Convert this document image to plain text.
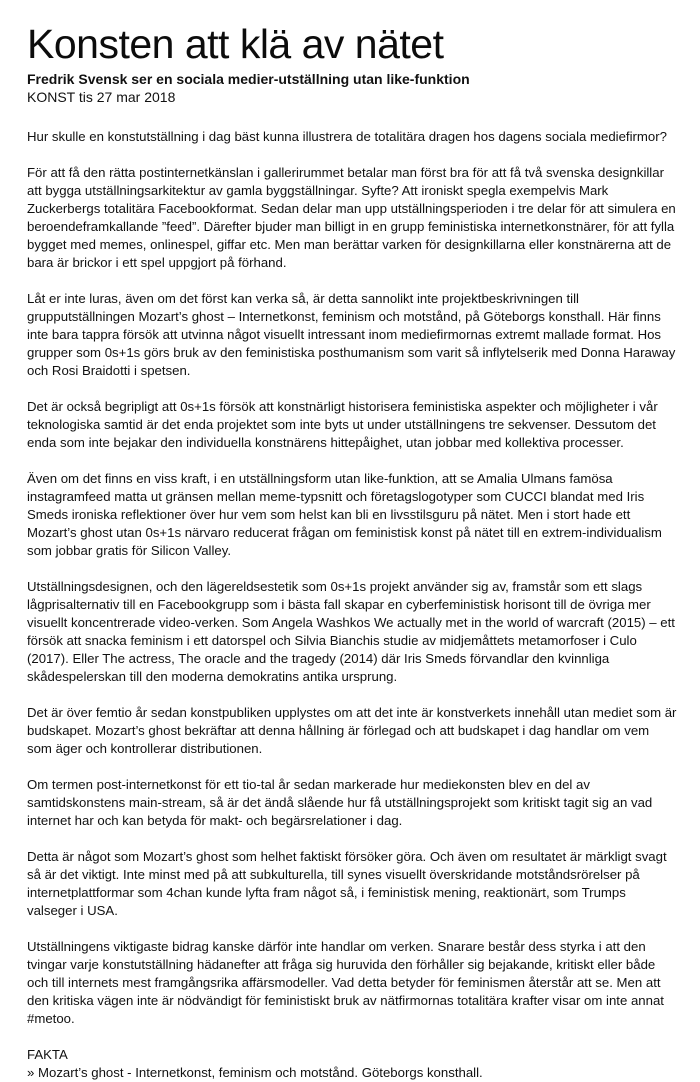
Konsten att klä av nätet

Fredrik Svensk ser en sociala medier-utställning utan like-funktion

KONST tis 27 mar 2018

Hur skulle en konstutställning i dag bäst kunna illustrera de totalitära dragen hos dagens sociala mediefirmor?

För att få den rätta postinternetkänslan i gallerirummet betalar man först bra för att få två svenska designkillar att bygga utställningsarkitektur av gamla byggställningar. Syfte? Att ironiskt spegla exempelvis Mark Zuckerbergs totalitära Facebookformat. Sedan delar man upp utställningsperioden i tre delar för att simulera en beroendeframkallande ”feed”. Därefter bjuder man billigt in en grupp feministiska internetkonstnärer, för att fylla bygget med memes, onlinespel, giffar etc. Men man berättar varken för designkillarna eller konstnärerna att de bara är brickor i ett spel uppgjort på förhand.

Låt er inte luras, även om det först kan verka så, är detta sannolikt inte projektbeskrivningen till grupputställningen Mozart’s ghost – Internetkonst, feminism och motstånd, på Göteborgs konsthall. Här finns inte bara tappra försök att utvinna något visuellt intressant inom mediefirmornas extremt mallade format. Hos grupper som 0s+1s görs bruk av den feministiska posthumanism som varit så inflytelserik med Donna Haraway och Rosi Braidotti i spetsen.

Det är också begripligt att 0s+1s försök att konstnärligt historisera feministiska aspekter och möjligheter i vår teknologiska samtid är det enda projektet som inte byts ut under utställningens tre sekvenser. Dessutom det enda som inte bejakar den individuella konstnärens hittepåighet, utan jobbar med kollektiva processer.

Även om det finns en viss kraft, i en utställningsform utan like-funktion, att se Amalia Ulmans famösa instagramfeed matta ut gränsen mellan meme-typsnitt och företagslogotyper som CUCCI blandat med Iris Smeds ironiska reflektioner över hur vem som helst kan bli en livsstilsguru på nätet. Men i stort hade ett Mozart’s ghost utan 0s+1s närvaro reducerat frågan om feministisk konst på nätet till en extrem-individualism som jobbar gratis för Silicon Valley.

Utställningsdesignen, och den lägereldsestetik som 0s+1s projekt använder sig av, framstår som ett slags lågprisalternativ till en Facebookgrupp som i bästa fall skapar en cyberfeministisk horisont till de övriga mer visuellt koncentrerade video-verken. Som Angela Washkos We actually met in the world of warcraft (2015) – ett försök att snacka feminism i ett datorspel och Silvia Bianchis studie av midjemåttets metamorfoser i Culo (2017). Eller The actress, The oracle and the tragedy (2014) där Iris Smeds förvandlar den kvinnliga skådespelerskan till den moderna demokratins antika ursprung.

Det är över femtio år sedan konstpubliken upplystes om att det inte är konstverkets innehåll utan mediet som är budskapet. Mozart’s ghost bekräftar att denna hållning är förlegad och att budskapet i dag handlar om vem som äger och kontrollerar distributionen.

Om termen post-internetkonst för ett tio-tal år sedan markerade hur mediekonsten blev en del av samtidskonstens main-stream, så är det ändå slående hur få utställningsprojekt som kritiskt tagit sig an vad internet har och kan betyda för makt- och begärsrelationer i dag.

Detta är något som Mozart’s ghost som helhet faktiskt försöker göra. Och även om resultatet är märkligt svagt så är det viktigt. Inte minst med på att subkulturella, till synes visuellt överskridande motståndsrörelser på internetplattformar som 4chan kunde lyfta fram något så, i feministisk mening, reaktionärt, som Trumps valseger i USA.

Utställningens viktigaste bidrag kanske därför inte handlar om verken. Snarare består dess styrka i att den tvingar varje konstutställning hädanefter att fråga sig huruvida den förhåller sig bejakande, kritiskt eller både och till internets mest framgångsrika affärsmodeller. Vad detta betyder för feminismen återstår att se. Men att den kritiska vägen inte är nödvändigt för feministiskt bruk av nätfirmornas totalitära krafter visar om inte annat #metoo.

FAKTA

» Mozart’s ghost - Internetkonst, feminism och motstånd. Göteborgs konsthall.
